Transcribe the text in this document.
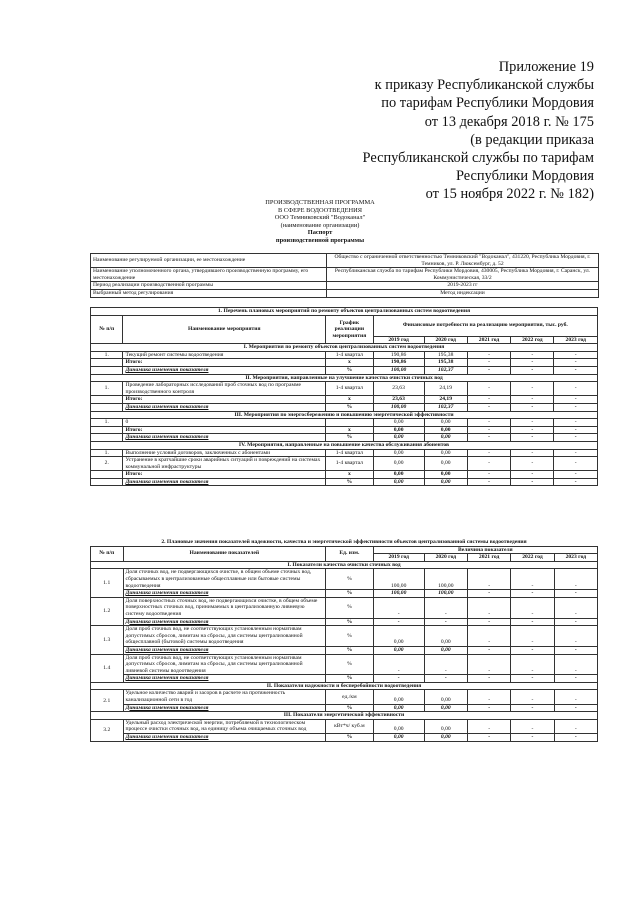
Приложение 19
к приказу Республиканской службы
по тарифам Республики Мордовия
от 13 декабря 2018 г. № 175
(в редакции приказа
Республиканской службы по тарифам
Республики Мордовия
от 15 ноября 2022 г. № 182)
ПРОИЗВОДСТВЕННАЯ ПРОГРАММА
В СФЕРЕ ВОДООТВЕДЕНИЯ
ООО Темниковский "Водоканал"
(наименование организации)
Паспорт
производственной программы
Наименование регулируемой организации, ее местонахождение	Общество с ограниченной ответственностью Темниковский "Водоканал", 431220, Республика Мордовия, г. Темников, ул. Р. Люксембург, д. 52
Наименование уполномоченного органа, утвердившего производственную программу, его местонахождение	Республиканская служба по тарифам Республики Мордовия, 430005, Республика Мордовия, г. Саранск, ул. Коммунистическая, 33/2
Период реализации производственной программы	2019-2023 гг
Выбранный метод регулирования	Метод индексации
1. Перечень плановых мероприятий по ремонту объектов централизованных систем водоотведения							
№ п/п	Наименование мероприятия	График реализации мероприятия	Финансовые потребности на реализацию мероприятия, тыс. руб.				
			2019 год	2020 год	2021 год	2022 год	2023 год
I. Мероприятия по ремонту объектов централизованных систем водоотведения							
1.	Текущий ремонт системы водоотведения	1-4 квартал	190,86	195,38	-	-	-
	Итого:	х	190,86	195,38	-	-	-
	Динамика изменения показателя	%	100,00	102,37	-	-	-
II. Мероприятия, направленные на улучшение качества очистки сточных вод							
1.	Проведение лабораторных исследований проб сточных вод по программе производственного контроля	1-4 квартал	23,63	24,19	-	-	-
	Итого:	х	23,63	24,19	-	-	-
	Динамика изменения показателя	%	100,00	102,37	-	-	-
III. Мероприятия по энергосбережению и повышению энергетической эффективности							
1.	0		0,00	0,00	-	-	-
	Итого:	х	0,00	0,00	-	-	-
	Динамика изменения показателя	%	0,00	0,00	-	-	-
IV. Мероприятия, направленные на повышение качества обслуживания абонентов							
1.	Выполнение условий договоров, заключенных с абонентами	1-4 квартал	0,00	0,00	-	-	-
2.	Устранение в кратчайшие сроки аварийных ситуаций и повреждений на системах коммунальной инфраструктуры	1-4 квартал	0,00	0,00	-	-	-
	Итого:	х	0,00	0,00	-	-	-
	Динамика изменения показателя	%	0,00	0,00	-	-	-
2. Плановые значения показателей надежности, качества и энергетической эффективности объектов централизованной системы водоотведения							
№ п/п	Наименование показателей	Ед. изм.	Величина показателя				
			2019 год	2020 год	2021 год	2022 год	2023 год
I. Показатели качества очистки сточных вод							
1.1	Доля сточных вод, не подвергающихся очистке, в общем объеме сточных вод, сбрасываемых в централизованные общесплавные или бытовые системы водоотведения	%	100,00	100,00	-	-	-
	Динамика изменения показателя	%	100,00	100,00	-	-	-
1.2	Доля поверхностных сточных вод, не подвергающихся очистке, в общем объеме поверхностных сточных вод, принимаемых в централизованную ливневую систему водоотведения	%	-	-	-	-	-
	Динамика изменения показателя	%	-	-	-	-	-
1.3	Доля проб сточных вод, не соответствующих установленным нормативам допустимых сбросов, лимитам на сбросы, для системы централизованной общесплавной (бытовой) системы водоотведения	%	0,00	0,00	-	-	-
	Динамика изменения показателя	%	0,00	0,00	-	-	-
1.4	Доля проб сточных вод, не соответствующих установленным нормативам допустимых сбросов, лимитам на сбросы, для системы централизованной ливневой системы водоотведения	%	-	-	-	-	-
	Динамика изменения показателя	%	-	-	-	-	-
II. Показатели надежности и бесперебойности водоотведения							
2.1	Удельное количество аварий и засоров в расчете на протяженность канализационной сети в год	ед./км	0,00	0,00	-	-	-
	Динамика изменения показателя	%	0,00	0,00	-	-	-
III. Показатели энергетической эффективности							
3.2	Удельный расход электрической энергии, потребляемой в технологическом процессе очистки сточных вод, на единицу объема очищаемых сточных вод	кВт*ч/ куб.м	0,00	0,00	-	-	-
	Динамика изменения показателя	%	0,00	0,00	-	-	-
